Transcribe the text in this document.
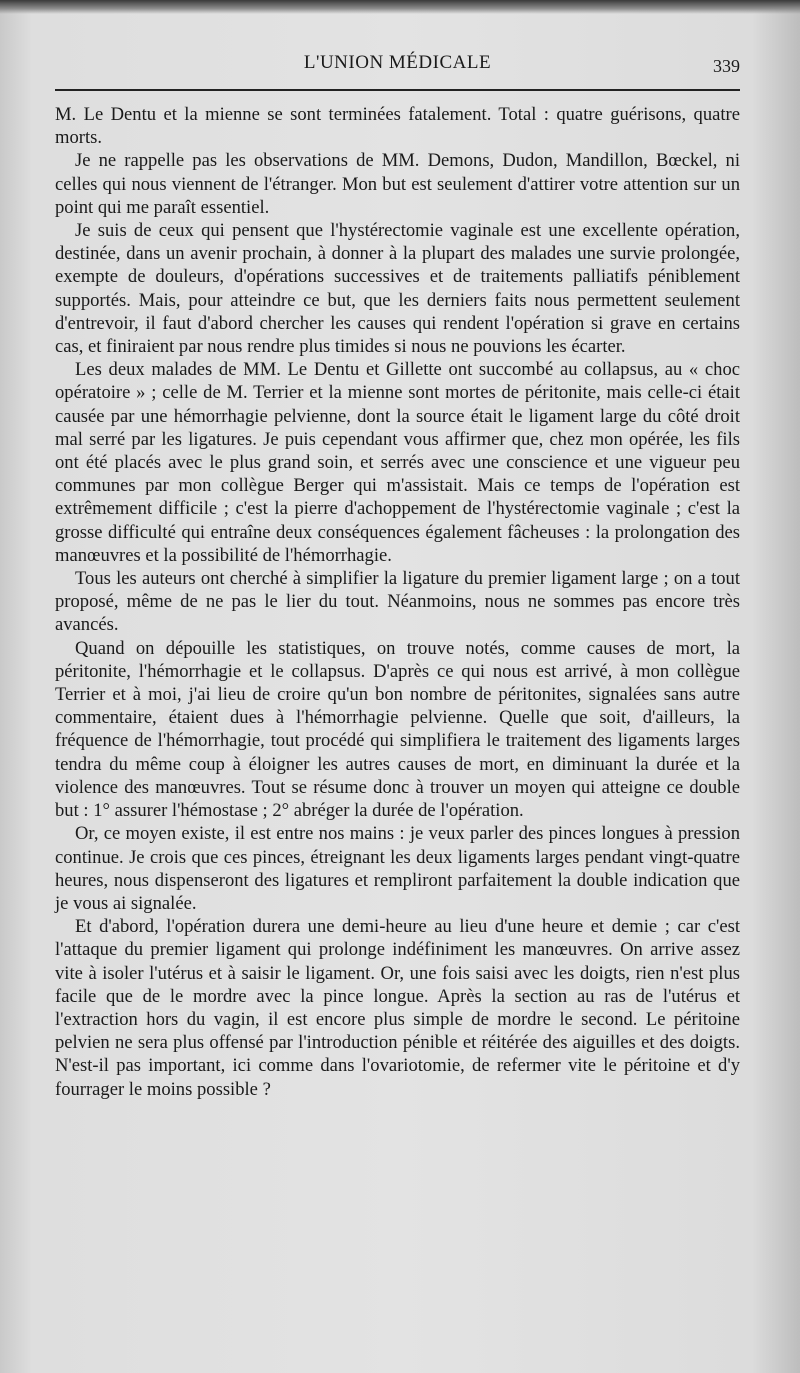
L'UNION MÉDICALE	339

M. Le Dentu et la mienne se sont terminées fatalement. Total : quatre guérisons, quatre morts.

Je ne rappelle pas les observations de MM. Demons, Dudon, Mandillon, Bœckel, ni celles qui nous viennent de l'étranger. Mon but est seulement d'attirer votre attention sur un point qui me paraît essentiel.

Je suis de ceux qui pensent que l'hystérectomie vaginale est une excellente opération, destinée, dans un avenir prochain, à donner à la plupart des malades une survie prolongée, exempte de douleurs, d'opérations successives et de traitements palliatifs péniblement supportés. Mais, pour atteindre ce but, que les derniers faits nous permettent seulement d'entrevoir, il faut d'abord chercher les causes qui rendent l'opération si grave en certains cas, et finiraient par nous rendre plus timides si nous ne pouvions les écarter.

Les deux malades de MM. Le Dentu et Gillette ont succombé au collapsus, au « choc opératoire » ; celle de M. Terrier et la mienne sont mortes de péritonite, mais celle-ci était causée par une hémorrhagie pelvienne, dont la source était le ligament large du côté droit mal serré par les ligatures. Je puis cependant vous affirmer que, chez mon opérée, les fils ont été placés avec le plus grand soin, et serrés avec une conscience et une vigueur peu communes par mon collègue Berger qui m'assistait. Mais ce temps de l'opération est extrêmement difficile ; c'est la pierre d'achoppement de l'hystérectomie vaginale ; c'est la grosse difficulté qui entraîne deux conséquences également fâcheuses : la prolongation des manœuvres et la possibilité de l'hémorrhagie.

Tous les auteurs ont cherché à simplifier la ligature du premier ligament large ; on a tout proposé, même de ne pas le lier du tout. Néanmoins, nous ne sommes pas encore très avancés.

Quand on dépouille les statistiques, on trouve notés, comme causes de mort, la péritonite, l'hémorrhagie et le collapsus. D'après ce qui nous est arrivé, à mon collègue Terrier et à moi, j'ai lieu de croire qu'un bon nombre de péritonites, signalées sans autre commentaire, étaient dues à l'hémorrhagie pelvienne. Quelle que soit, d'ailleurs, la fréquence de l'hémorrhagie, tout procédé qui simplifiera le traitement des ligaments larges tendra du même coup à éloigner les autres causes de mort, en diminuant la durée et la violence des manœuvres. Tout se résume donc à trouver un moyen qui atteigne ce double but : 1° assurer l'hémostase ; 2° abréger la durée de l'opération.

Or, ce moyen existe, il est entre nos mains : je veux parler des pinces longues à pression continue. Je crois que ces pinces, étreignant les deux ligaments larges pendant vingt-quatre heures, nous dispenseront des ligatures et rempliront parfaitement la double indication que je vous ai signalée.

Et d'abord, l'opération durera une demi-heure au lieu d'une heure et demie ; car c'est l'attaque du premier ligament qui prolonge indéfiniment les manœuvres. On arrive assez vite à isoler l'utérus et à saisir le ligament. Or, une fois saisi avec les doigts, rien n'est plus facile que de le mordre avec la pince longue. Après la section au ras de l'utérus et l'extraction hors du vagin, il est encore plus simple de mordre le second. Le péritoine pelvien ne sera plus offensé par l'introduction pénible et réitérée des aiguilles et des doigts. N'est-il pas important, ici comme dans l'ovariotomie, de refermer vite le péritoine et d'y fourrager le moins possible ?
